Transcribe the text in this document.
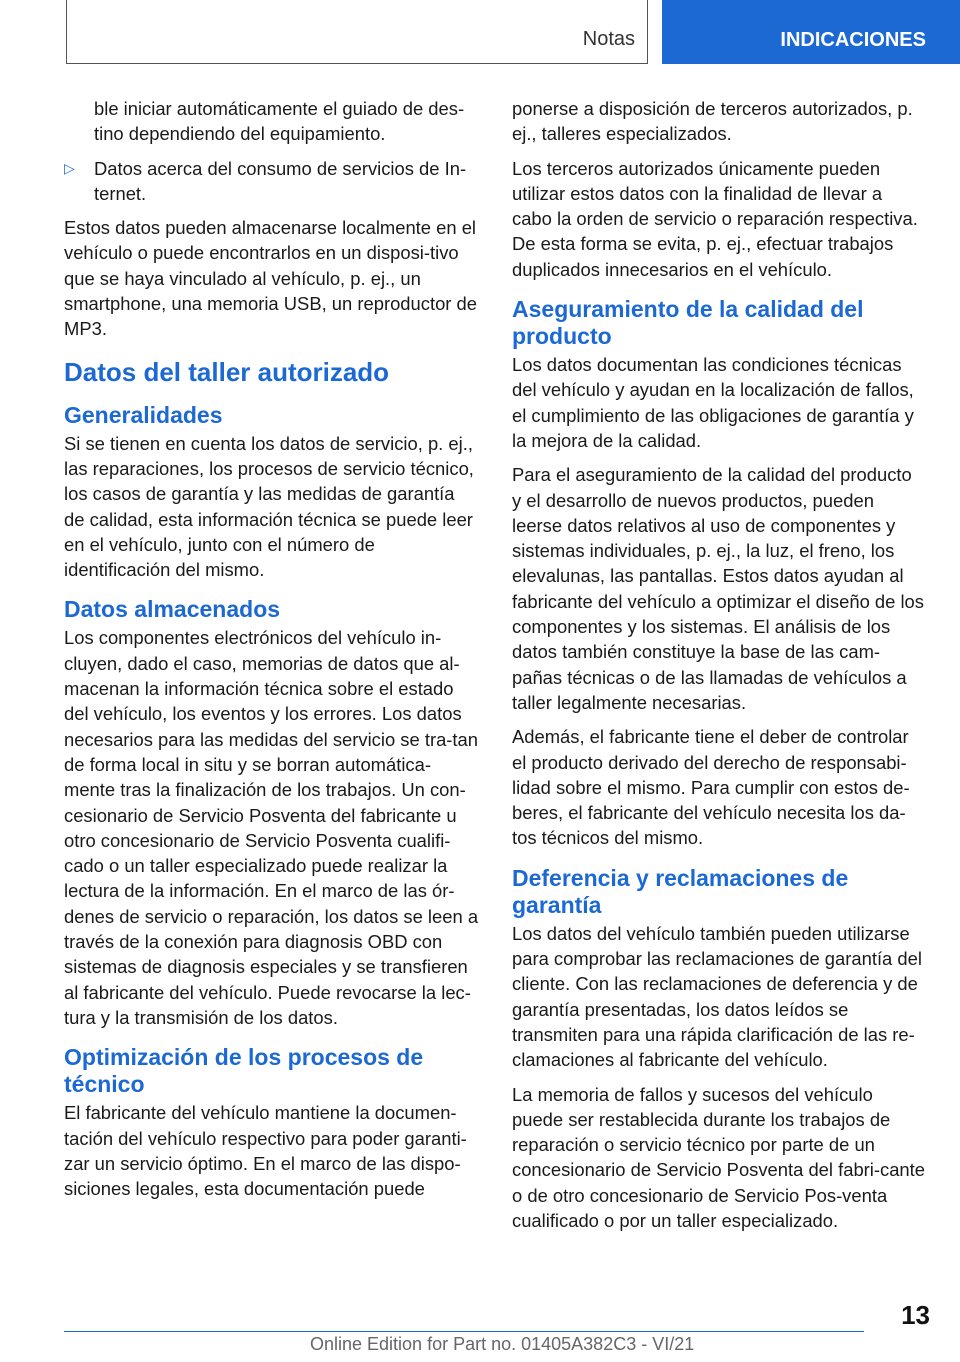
Notas	INDICACIONES

ble iniciar automáticamente el guiado de des-tino dependiendo del equipamiento.

▷ Datos acerca del consumo de servicios de In-ternet.

Estos datos pueden almacenarse localmente en el vehículo o puede encontrarlos en un disposi-tivo que se haya vinculado al vehículo, p. ej., un smartphone, una memoria USB, un reproductor de MP3.

Datos del taller autorizado
Generalidades

Si se tienen en cuenta los datos de servicio, p. ej., las reparaciones, los procesos de servicio técnico, los casos de garantía y las medidas de garantía de calidad, esta información técnica se puede leer en el vehículo, junto con el número de identificación del mismo.

Datos almacenados

Los componentes electrónicos del vehículo in-cluyen, dado el caso, memorias de datos que al-macenan la información técnica sobre el estado del vehículo, los eventos y los errores. Los datos necesarios para las medidas del servicio se tra-tan de forma local in situ y se borran automática-mente tras la finalización de los trabajos. Un con-cesionario de Servicio Posventa del fabricante u otro concesionario de Servicio Posventa cualifi-cado o un taller especializado puede realizar la lectura de la información. En el marco de las ór-denes de servicio o reparación, los datos se leen a través de la conexión para diagnosis OBD con sistemas de diagnosis especiales y se transfieren al fabricante del vehículo. Puede revocarse la lec-tura y la transmisión de los datos.

Optimización de los procesos de técnico

El fabricante del vehículo mantiene la documen-tación del vehículo respectivo para poder garanti-zar un servicio óptimo. En el marco de las dispo-siciones legales, esta documentación puede

ponerse a disposición de terceros autorizados, p. ej., talleres especializados.

Los terceros autorizados únicamente pueden utilizar estos datos con la finalidad de llevar a cabo la orden de servicio o reparación respectiva. De esta forma se evita, p. ej., efectuar trabajos duplicados innecesarios en el vehículo.

Aseguramiento de la calidad del producto

Los datos documentan las condiciones técnicas del vehículo y ayudan en la localización de fallos, el cumplimiento de las obligaciones de garantía y la mejora de la calidad.

Para el aseguramiento de la calidad del producto y el desarrollo de nuevos productos, pueden leerse datos relativos al uso de componentes y sistemas individuales, p. ej., la luz, el freno, los elevalunas, las pantallas. Estos datos ayudan al fabricante del vehículo a optimizar el diseño de los componentes y los sistemas. El análisis de los datos también constituye la base de las cam-pañas técnicas o de las llamadas de vehículos a taller legalmente necesarias.

Además, el fabricante tiene el deber de controlar el producto derivado del derecho de responsabi-lidad sobre el mismo. Para cumplir con estos de-beres, el fabricante del vehículo necesita los da-tos técnicos del mismo.

Deferencia y reclamaciones de garantía

Los datos del vehículo también pueden utilizarse para comprobar las reclamaciones de garantía del cliente. Con las reclamaciones de deferencia y de garantía presentadas, los datos leídos se transmiten para una rápida clarificación de las re-clamaciones al fabricante del vehículo.

La memoria de fallos y sucesos del vehículo puede ser restablecida durante los trabajos de reparación o servicio técnico por parte de un concesionario de Servicio Posventa del fabri-cante o de otro concesionario de Servicio Pos-venta cualificado o por un taller especializado.

13
Online Edition for Part no. 01405A382C3 - VI/21
